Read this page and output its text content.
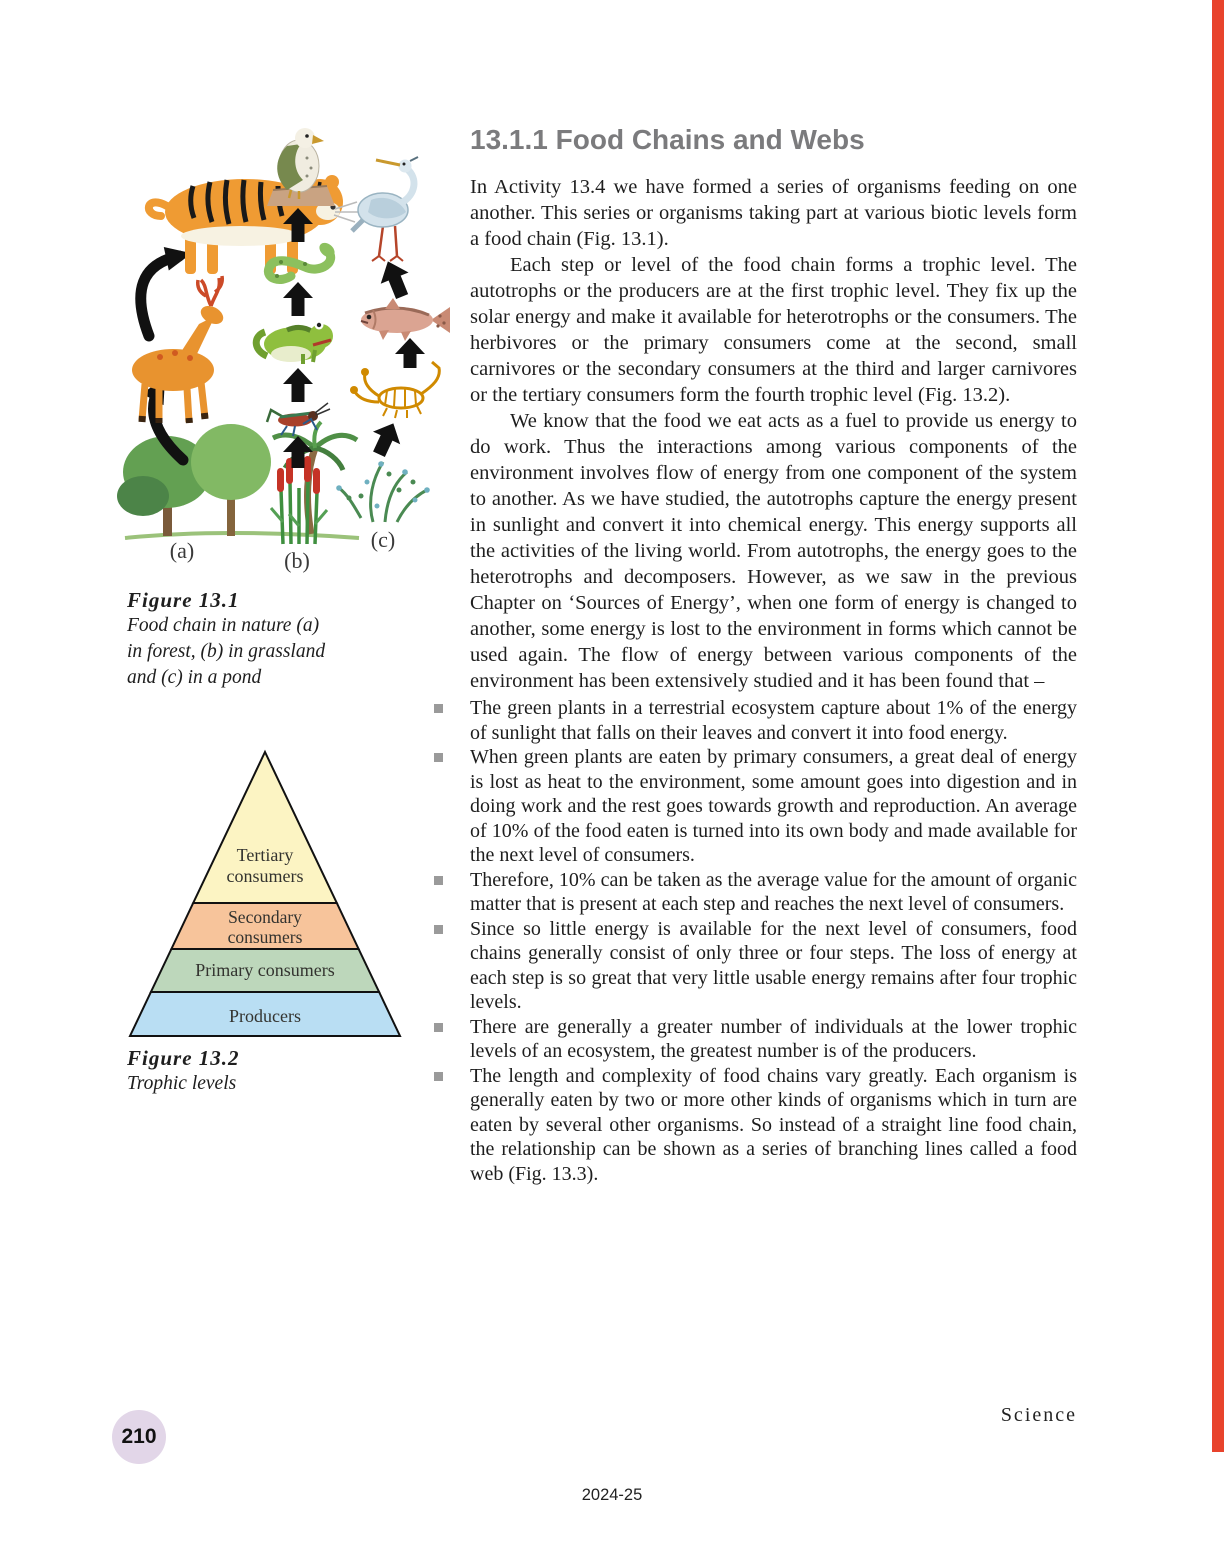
(a)	(b)
(c)
Figure 13.1
Food chain in nature (a) in forest, (b) in grassland and (c) in a pond
Tertiary consumers
Secondary consumers
Primary consumers
Producers
Figure 13.2
Trophic levels
13.1.1 Food Chains and Webs

In Activity 13.4 we have formed a series of organisms feeding on one another. This series or organisms taking part at various biotic levels form a food chain (Fig. 13.1).

Each step or level of the food chain forms a trophic level. The autotrophs or the producers are at the first trophic level. They fix up the solar energy and make it available for heterotrophs or the consumers. The herbivores or the primary consumers come at the second, small carnivores or the secondary consumers at the third and larger carnivores or the tertiary consumers form the fourth trophic level (Fig. 13.2).

We know that the food we eat acts as a fuel to provide us energy to do work. Thus the interactions among various components of the environment involves flow of energy from one component of the system to another. As we have studied, the autotrophs capture the energy present in sunlight and convert it into chemical energy. This energy supports all the activities of the living world. From autotrophs, the energy goes to the heterotrophs and decomposers. However, as we saw in the previous Chapter on ‘Sources of Energy’, when one form of energy is changed to another, some energy is lost to the environment in forms which cannot be used again. The flow of energy between various components of the environment has been extensively studied and it has been found that –

The green plants in a terrestrial ecosystem capture about 1% of the energy of sunlight that falls on their leaves and convert it into food energy.
When green plants are eaten by primary consumers, a great deal of energy is lost as heat to the environment, some amount goes into digestion and in doing work and the rest goes towards growth and reproduction. An average of 10% of the food eaten is turned into its own body and made available for the next level of consumers.
Therefore, 10% can be taken as the average value for the amount of organic matter that is present at each step and reaches the next level of consumers.
Since so little energy is available for the next level of consumers, food chains generally consist of only three or four steps. The loss of energy at each step is so great that very little usable energy remains after four trophic levels.
There are generally a greater number of individuals at the lower trophic levels of an ecosystem, the greatest number is of the producers.
The length and complexity of food chains vary greatly. Each organism is generally eaten by two or more other kinds of organisms which in turn are eaten by several other organisms. So instead of a straight line food chain, the relationship can be shown as a series of branching lines called a food web (Fig. 13.3).
210
Science
2024-25
